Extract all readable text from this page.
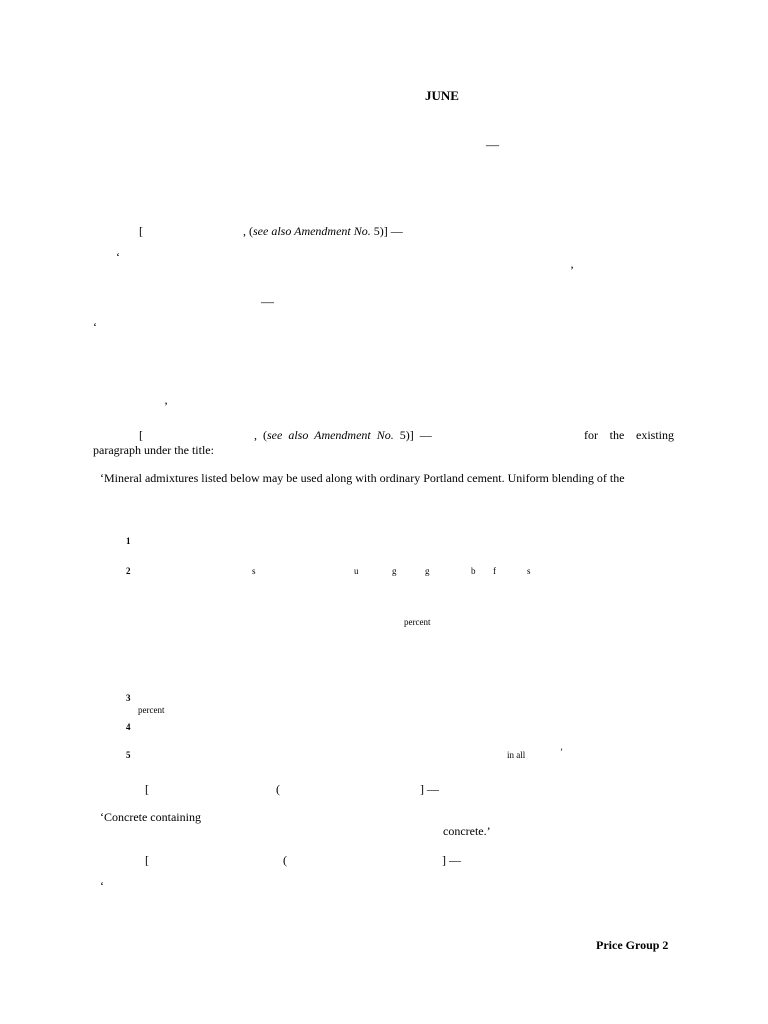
JUNE
—
[	, (see also Amendment No. 5)] —
‘
’
—
‘
’
[	, (see also Amendment No. 5)] —	for the existing
paragraph under the title:
‘Mineral admixtures listed below may be used along with ordinary Portland cement. Uniform blending of the
1
2	s	u	g	g	b f	s
percent
3
percent
4
5	in all	’
[	(	] —
‘Concrete containing
concrete.’
[	(	] —
‘
Price Group 2
